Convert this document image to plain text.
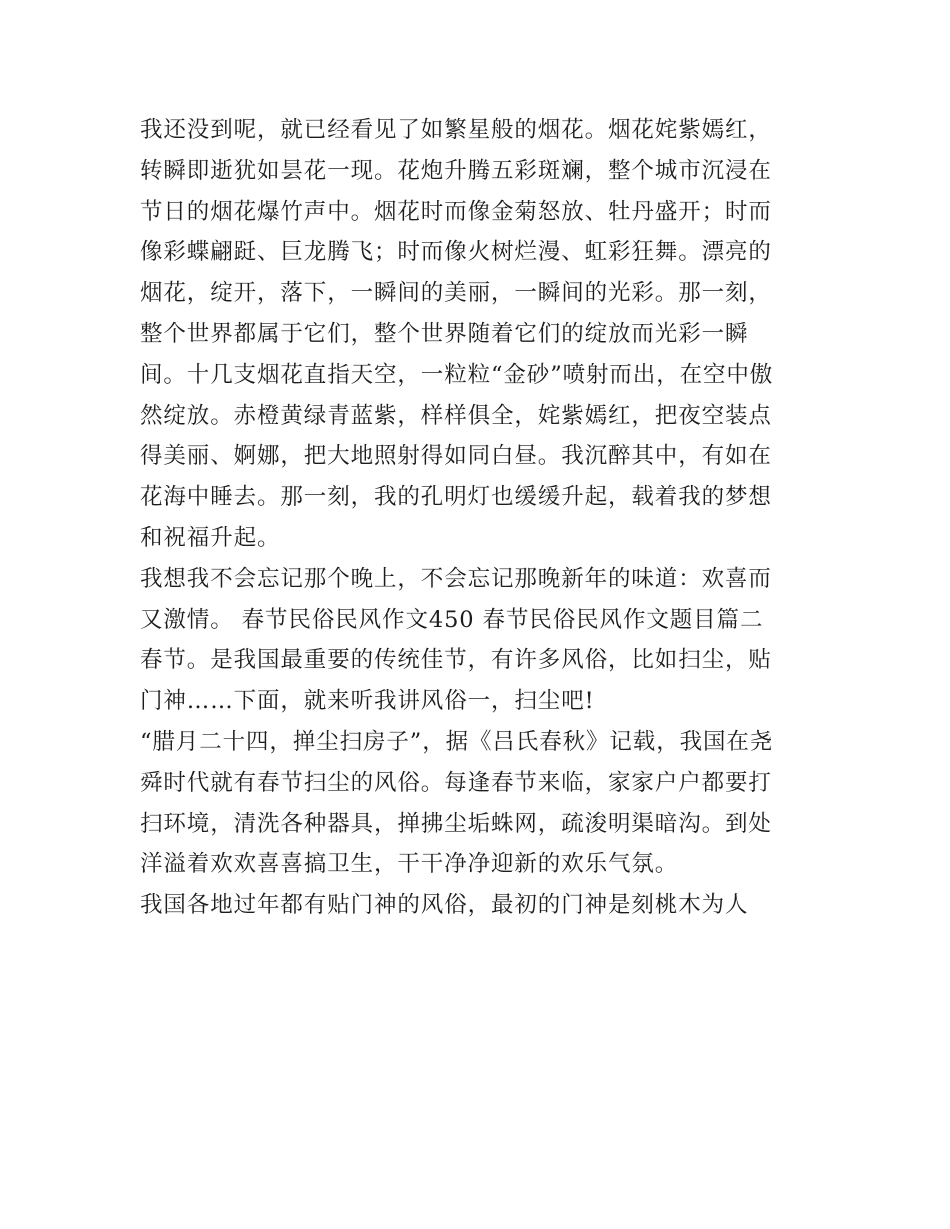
我还没到呢，就已经看见了如繁星般的烟花。烟花姹紫嫣红，
转瞬即逝犹如昙花一现。花炮升腾五彩斑斓，整个城市沉浸在
节日的烟花爆竹声中。烟花时而像金菊怒放、牡丹盛开；时而
像彩蝶翩跹、巨龙腾飞；时而像火树烂漫、虹彩狂舞。漂亮的
烟花，绽开，落下，一瞬间的美丽，一瞬间的光彩。那一刻，
整个世界都属于它们，整个世界随着它们的绽放而光彩一瞬
间。十几支烟花直指天空，一粒粒“金砂”喷射而出，在空中傲
然绽放。赤橙黄绿青蓝紫，样样俱全，姹紫嫣红，把夜空装点
得美丽、婀娜，把大地照射得如同白昼。我沉醉其中，有如在
花海中睡去。那一刻，我的孔明灯也缓缓升起，载着我的梦想
和祝福升起。
我想我不会忘记那个晚上，不会忘记那晚新年的味道：欢喜而
又激情。 春节民俗民风作文450 春节民俗民风作文题目篇二
春节。是我国最重要的传统佳节，有许多风俗，比如扫尘，贴
门神……下面，就来听我讲风俗一，扫尘吧!
“腊月二十四，掸尘扫房子”，据《吕氏春秋》记载，我国在尧
舜时代就有春节扫尘的风俗。每逢春节来临，家家户户都要打
扫环境，清洗各种器具，掸拂尘垢蛛网，疏浚明渠暗沟。到处
洋溢着欢欢喜喜搞卫生，干干净净迎新的欢乐气氛。
我国各地过年都有贴门神的风俗，最初的门神是刻桃木为人
